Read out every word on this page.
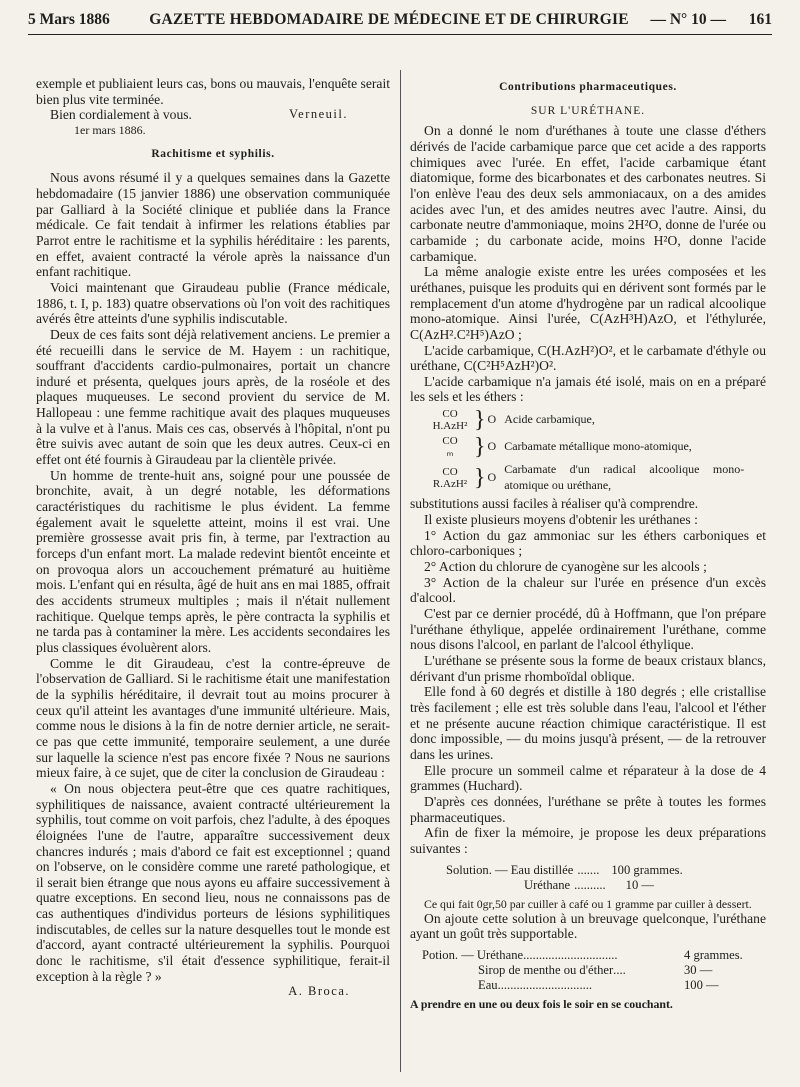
5 Mars 1886	GAZETTE HEBDOMADAIRE DE MÉDECINE ET DE CHIRURGIE	— N° 10 —	161

exemple et publiaient leurs cas, bons ou mauvais, l'enquête serait bien plus vite terminée.

Bien cordialement à vous.	Verneuil.

1er mars 1886.

Rachitisme et syphilis.

Nous avons résumé il y a quelques semaines dans la Gazette hebdomadaire (15 janvier 1886) une observation communiquée par Galliard à la Société clinique et publiée dans la France médicale. Ce fait tendait à infirmer les relations établies par Parrot entre le rachitisme et la syphilis héréditaire : les parents, en effet, avaient contracté la vérole après la naissance d'un enfant rachitique.

Voici maintenant que Giraudeau publie (France médicale, 1886, t. I, p. 183) quatre observations où l'on voit des rachitiques avérés être atteints d'une syphilis indiscutable.

Deux de ces faits sont déjà relativement anciens. Le premier a été recueilli dans le service de M. Hayem : un rachitique, souffrant d'accidents cardio-pulmonaires, portait un chancre induré et présenta, quelques jours après, de la roséole et des plaques muqueuses. Le second provient du service de M. Hallopeau : une femme rachitique avait des plaques muqueuses à la vulve et à l'anus. Mais ces cas, observés à l'hôpital, n'ont pu être suivis avec autant de soin que les deux autres. Ceux-ci en effet ont été fournis à Giraudeau par la clientèle privée.

Un homme de trente-huit ans, soigné pour une poussée de bronchite, avait, à un degré notable, les déformations caractéristiques du rachitisme le plus évident. La femme également avait le squelette atteint, moins il est vrai. Une première grossesse avait pris fin, à terme, par l'extraction au forceps d'un enfant mort. La malade redevint bientôt enceinte et on provoqua alors un accouchement prématuré au huitième mois. L'enfant qui en résulta, âgé de huit ans en mai 1885, offrait des accidents strumeux multiples ; mais il n'était nullement rachitique. Quelque temps après, le père contracta la syphilis et ne tarda pas à contaminer la mère. Les accidents secondaires les plus classiques évoluèrent alors.

Comme le dit Giraudeau, c'est la contre-épreuve de l'observation de Galliard. Si le rachitisme était une manifestation de la syphilis héréditaire, il devrait tout au moins procurer à ceux qu'il atteint les avantages d'une immunité ultérieure. Mais, comme nous le disions à la fin de notre dernier article, ne serait-ce pas que cette immunité, temporaire seulement, a une durée sur laquelle la science n'est pas encore fixée ? Nous ne saurions mieux faire, à ce sujet, que de citer la conclusion de Giraudeau :

« On nous objectera peut-être que ces quatre rachitiques, syphilitiques de naissance, avaient contracté ultérieurement la syphilis, tout comme on voit parfois, chez l'adulte, à des époques éloignées l'une de l'autre, apparaître successivement deux chancres indurés ; mais d'abord ce fait est exceptionnel ; quand on l'observe, on le considère comme une rareté pathologique, et il serait bien étrange que nous ayons eu affaire successivement à quatre exceptions. En second lieu, nous ne connaissons pas de cas authentiques d'individus porteurs de lésions syphilitiques indiscutables, de celles sur la nature desquelles tout le monde est d'accord, ayant contracté ultérieurement la syphilis. Pourquoi donc le rachitisme, s'il était d'essence syphilitique, ferait-il exception à la règle ? »

A. Broca.

Contributions pharmaceutiques.

SUR L'URÉTHANE.

On a donné le nom d'uréthanes à toute une classe d'éthers dérivés de l'acide carbamique parce que cet acide a des rapports chimiques avec l'urée. En effet, l'acide carbamique étant diatomique, forme des bicarbonates et des carbonates neutres. Si l'on enlève l'eau des deux sels ammoniacaux, on a des amides acides avec l'un, et des amides neutres avec l'autre. Ainsi, du carbonate neutre d'ammoniaque, moins 2H²O, donne de l'urée ou carbamide ; du carbonate acide, moins H²O, donne l'acide carbamique.

La même analogie existe entre les urées composées et les uréthanes, puisque les produits qui en dérivent sont formés par le remplacement d'un atome d'hydrogène par un radical alcoolique mono-atomique. Ainsi l'urée, C(AzH³H)AzO, et l'éthylurée, C(AzH².C²H⁵)AzO ;

L'acide carbamique, C(H.AzH²)O², et le carbamate d'éthyle ou uréthane, C(C²H⁵AzH²)O².

L'acide carbamique n'a jamais été isolé, mais on en a préparé les sels et les éthers :

CO
H.AzH² } O Acide carbamique,
CO
ₘ } O Carbamate métallique mono-atomique,
CO
R.AzH² } O
Carbamate d'un radical alcoolique mono-atomique ou uréthane,

substitutions aussi faciles à réaliser qu'à comprendre.

Il existe plusieurs moyens d'obtenir les uréthanes :

1° Action du gaz ammoniac sur les éthers carboniques et chloro-carboniques ;

2° Action du chlorure de cyanogène sur les alcools ;

3° Action de la chaleur sur l'urée en présence d'un excès d'alcool.

C'est par ce dernier procédé, dû à Hoffmann, que l'on prépare l'uréthane éthylique, appelée ordinairement l'uréthane, comme nous disons l'alcool, en parlant de l'alcool éthylique.

L'uréthane se présente sous la forme de beaux cristaux blancs, dérivant d'un prisme rhomboïdal oblique.

Elle fond à 60 degrés et distille à 180 degrés ; elle cristallise très facilement ; elle est très soluble dans l'eau, l'alcool et l'éther et ne présente aucune réaction chimique caractéristique. Il est donc impossible, — du moins jusqu'à présent, — de la retrouver dans les urines.

Elle procure un sommeil calme et réparateur à la dose de 4 grammes (Huchard).

D'après ces données, l'uréthane se prête à toutes les formes pharmaceutiques.

Afin de fixer la mémoire, je propose les deux préparations suivantes :

Solution. — Eau distillée ....... 100 grammes.
Uréthane ..........	10 —

Ce qui fait 0gr,50 par cuiller à café ou 1 gramme par cuiller à dessert.

On ajoute cette solution à un breuvage quelconque, l'uréthane ayant un goût très supportable.

Potion. — Uréthane ..............................	4 grammes.
Sirop de menthe ou d'éther ....	30 —
Eau ..............................	100 —

A prendre en une ou deux fois le soir en se couchant.
